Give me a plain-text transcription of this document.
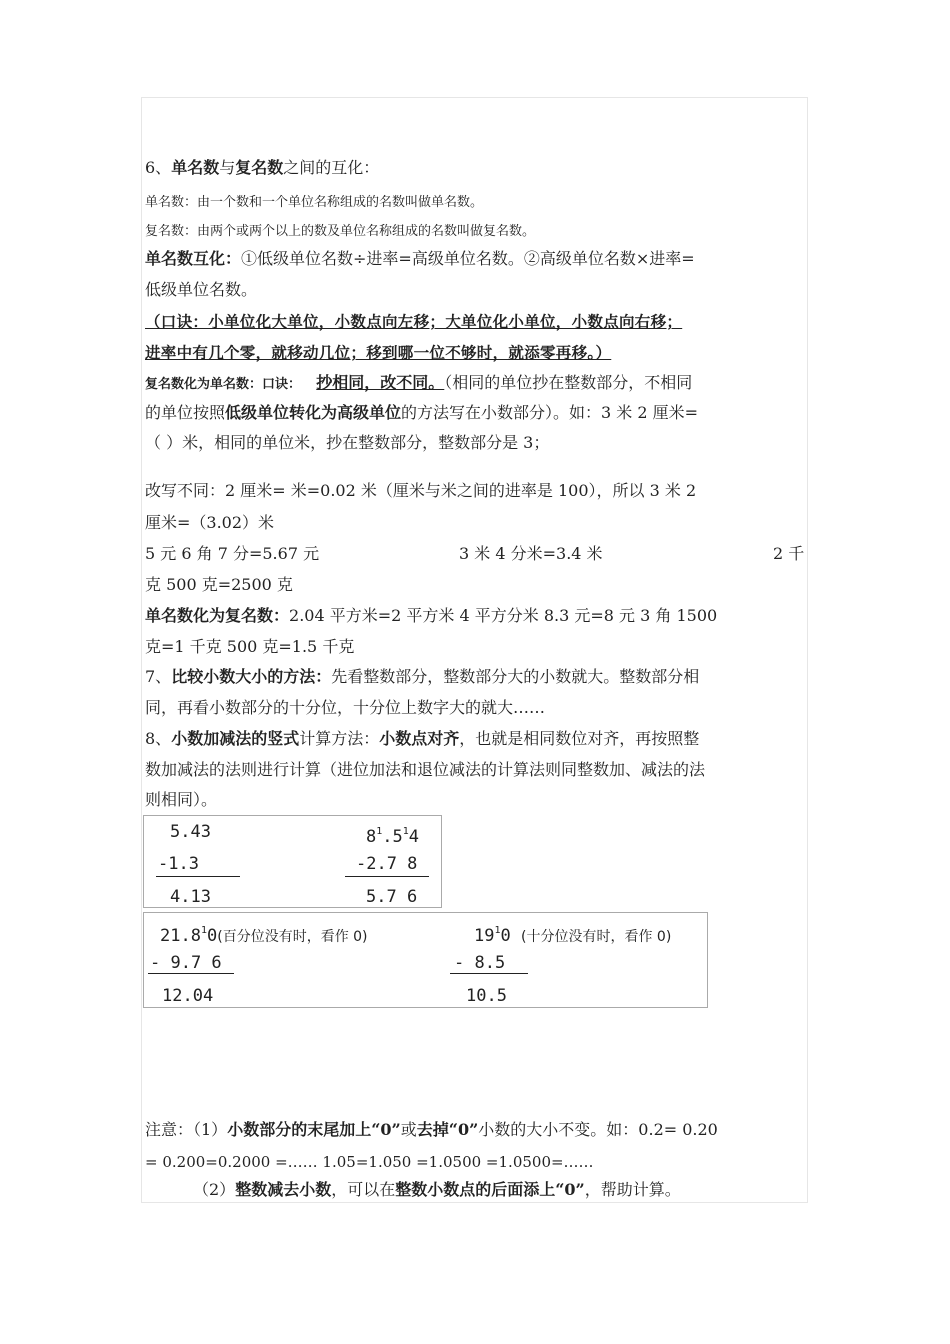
6、单名数与复名数之间的互化：
单名数：由一个数和一个单位名称组成的名数叫做单名数。
复名数：由两个或两个以上的数及单位名称组成的名数叫做复名数。
单名数互化：①低级单位名数÷进率=高级单位名数。②高级单位名数×进率=
低级单位名数。
（口诀：小单位化大单位，小数点向左移；大单位化小单位，小数点向右移；
进率中有几个零，就移动几位；移到哪一位不够时，就添零再移。）
复名数化为单名数：口诀： 抄相同，改不同。（相同的单位抄在整数部分，不相同
的单位按照低级单位转化为高级单位的方法写在小数部分）。如：3 米 2 厘米=
（ ）米，相同的单位米，抄在整数部分，整数部分是 3；
改写不同：2 厘米= 米=0.02 米（厘米与米之间的进率是 100），所以 3 米 2
厘米=（3.02）米
5 元 6 角 7 分=5.67 元	3 米 4 分米=3.4 米	2 千
克 500 克=2500 克
单名数化为复名数：2.04 平方米=2 平方米 4 平方分米 8.3 元=8 元 3 角 1500
克=1 千克 500 克=1.5 千克
7、比较小数大小的方法：先看整数部分，整数部分大的小数就大。整数部分相
同，再看小数部分的十分位，十分位上数字大的就大……
8、小数加减法的竖式计算方法：小数点对齐，也就是相同数位对齐，再按照整
数加减法的法则进行计算（进位加法和退位减法的计算法则同整数加、减法的法
则相同）。
5.43
-1.3
4.13
$8^1.5^14$
-2.7 8
5.7 6
21.8$^1$0(百分位没有时，看作 0)
- 9.7 6
12.04
$19^10$ (十分位没有时，看作 0)
- 8.5
10.5
注意：（1）小数部分的末尾加上“0”或去掉“0”小数的大小不变。如：0.2= 0.20
= 0.200=0.2000 =…… 1.05=1.050 =1.0500 =1.0500=……
（2）整数减去小数，可以在整数小数点的后面添上“0”，帮助计算。
